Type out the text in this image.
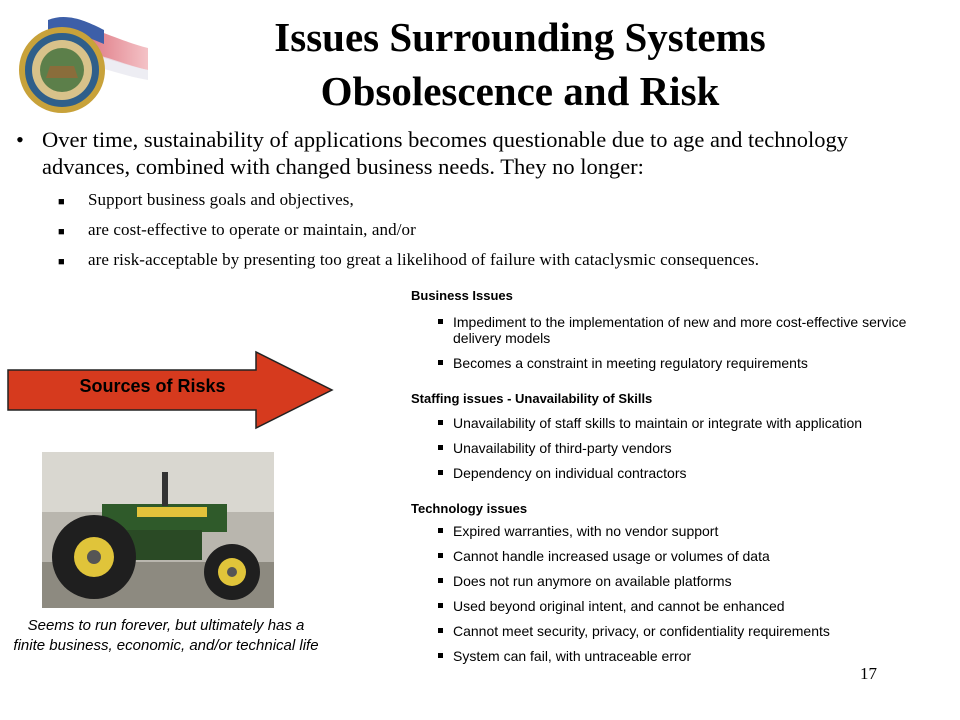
Issues Surrounding Systems
Obsolescence and Risk
• Over time, sustainability of applications becomes questionable due to age and technology advances, combined with changed business needs. They no longer:
■	Support business goals and objectives,
■	are cost-effective to operate or maintain, and/or
■	are risk-acceptable by presenting too great a likelihood of failure with cataclysmic consequences.
Sources of Risks
Seems to run forever, but ultimately has a finite business, economic, and/or technical life
Business Issues
Impediment to the implementation of new and more cost-effective service delivery models
Becomes a constraint in meeting regulatory requirements
Staffing issues - Unavailability of Skills
Unavailability of staff skills to maintain or integrate with application
Unavailability of third-party vendors
Dependency on individual contractors
Technology issues
Expired warranties, with no vendor support
Cannot handle increased usage or volumes of data
Does not run anymore on available platforms
Used beyond original intent, and cannot be enhanced
Cannot meet security, privacy, or confidentiality requirements
System can fail, with untraceable error
17
